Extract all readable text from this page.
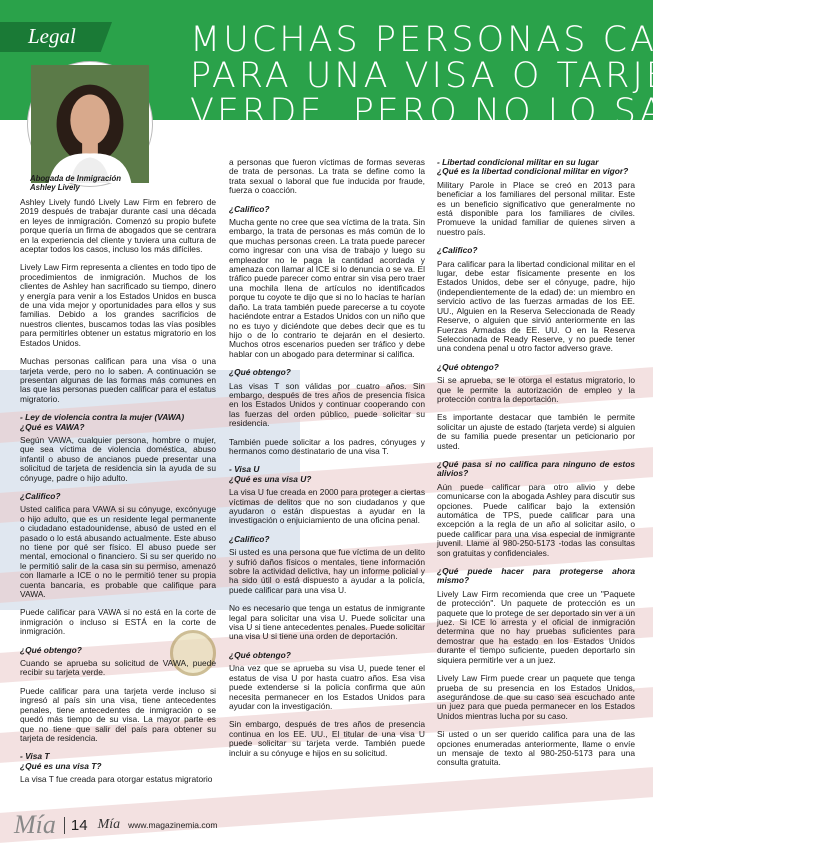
Legal	MUCHAS PERSONAS CALIFICAN
PARA UNA VISA O TARJETA
VERDE, PERO NO LO SABEN
Abogada de Inmigración
Ashley Lively

Ashley Lively fundó Lively Law Firm en febrero de 2019 después de trabajar durante casi una década en leyes de inmigración. Comenzó su propio bufete porque quería un firma de abogados que se centrara en la experiencia del cliente y tuviera una cultura de aceptar todos los casos, incluso los más difíciles.

Lively Law Firm representa a clientes en todo tipo de procedimientos de inmigración. Muchos de los clientes de Ashley han sacrificado su tiempo, dinero y energía para venir a los Estados Unidos en busca de una vida mejor y oportunidades para ellos y sus familias. Debido a los grandes sacrificios de nuestros clientes, buscamos todas las vías posibles para permitirles obtener un estatus migratorio en los Estados Unidos.

Muchas personas califican para una visa o una tarjeta verde, pero no lo saben. A continuación se presentan algunas de las formas más comunes en las que las personas pueden calificar para el estatus migratorio.

- Ley de violencia contra la mujer (VAWA)
¿Qué es VAWA?

Según VAWA, cualquier persona, hombre o mujer, que sea víctima de violencia doméstica, abuso infantil o abuso de ancianos puede presentar una solicitud de tarjeta de residencia sin la ayuda de su cónyuge, padre o hijo adulto.

¿Califico?

Usted califica para VAWA si su cónyuge, excónyuge o hijo adulto, que es un residente legal permanente o ciudadano estadounidense, abusó de usted en el pasado o lo está abusando actualmente. Este abuso no tiene por qué ser físico. El abuso puede ser mental, emocional o financiero. Si su ser querido no le permitió salir de la casa sin su permiso, amenazó con llamarle a ICE o no le permitió tener su propia cuenta bancaria, es probable que califique para VAWA.

Puede calificar para VAWA si no está en la corte de inmigración o incluso si ESTÁ en la corte de inmigración.

¿Qué obtengo?

Cuando se aprueba su solicitud de VAWA, puede recibir su tarjeta verde.

Puede calificar para una tarjeta verde incluso si ingresó al país sin una visa, tiene antecedentes penales, tiene antecedentes de inmigración o se quedó más tiempo de su visa. La mayor parte es que no tiene que salir del país para obtener su tarjeta de residencia.

- Visa T
¿Qué es una visa T?

La visa T fue creada para otorgar estatus migratorio

a personas que fueron víctimas de formas severas de trata de personas. La trata se define como la trata sexual o laboral que fue inducida por fraude, fuerza o coacción.

¿Califico?

Mucha gente no cree que sea víctima de la trata. Sin embargo, la trata de personas es más común de lo que muchas personas creen. La trata puede parecer como ingresar con una visa de trabajo y luego su empleador no le paga la cantidad acordada y amenaza con llamar al ICE si lo denuncia o se va. El tráfico puede parecer como entrar sin visa pero traer una mochila llena de artículos no identificados porque tu coyote te dijo que si no lo hacías te harían daño. La trata también puede parecerse a tu coyote haciéndote entrar a Estados Unidos con un niño que no es tuyo y diciéndote que debes decir que es tu hijo o de lo contrario te dejarán en el desierto. Muchos otros escenarios pueden ser tráfico y debe hablar con un abogado para determinar si califica.

¿Qué obtengo?

Las visas T son válidas por cuatro años. Sin embargo, después de tres años de presencia física en los Estados Unidos y continuar cooperando con las fuerzas del orden público, puede solicitar su residencia.

También puede solicitar a los padres, cónyuges y hermanos como destinatario de una visa T.

- Visa U
¿Qué es una visa U?

La visa U fue creada en 2000 para proteger a ciertas víctimas de delitos que no son ciudadanos y que ayudaron o están dispuestas a ayudar en la investigación o enjuiciamiento de una oficina penal.

¿Califico?

Si usted es una persona que fue víctima de un delito y sufrió daños físicos o mentales, tiene información sobre la actividad delictiva, hay un informe policial y ha sido útil o está dispuesto a ayudar a la policía, puede calificar para una visa U.

No es necesario que tenga un estatus de inmigrante legal para solicitar una visa U. Puede solicitar una visa U si tiene antecedentes penales. Puede solicitar una visa U si tiene una orden de deportación.

¿Qué obtengo?

Una vez que se aprueba su visa U, puede tener el estatus de visa U por hasta cuatro años. Esa visa puede extenderse si la policía confirma que aún necesita permanecer en los Estados Unidos para ayudar con la investigación.

Sin embargo, después de tres años de presencia continua en los EE. UU., El titular de una visa U puede solicitar su tarjeta verde. También puede incluir a su cónyuge e hijos en su solicitud.

- Libertad condicional militar en su lugar
¿Qué es la libertad condicional militar en vigor?

Military Parole in Place se creó en 2013 para beneficiar a los familiares del personal militar. Este es un beneficio significativo que generalmente no está disponible para los familiares de civiles. Promueve la unidad familiar de quienes sirven a nuestro país.

¿Califico?

Para calificar para la libertad condicional militar en el lugar, debe estar físicamente presente en los Estados Unidos, debe ser el cónyuge, padre, hijo (independientemente de la edad) de: un miembro en servicio activo de las fuerzas armadas de los EE. UU., Alguien en la Reserva Seleccionada de Ready Reserve, o alguien que sirvió anteriormente en las Fuerzas Armadas de EE. UU. O en la Reserva Seleccionada de Ready Reserve, y no puede tener una condena penal u otro factor adverso grave.

¿Qué obtengo?

Si se aprueba, se le otorga el estatus migratorio, lo que le permite la autorización de empleo y la protección contra la deportación.

Es importante destacar que también le permite solicitar un ajuste de estado (tarjeta verde) si alguien de su familia puede presentar un peticionario por usted.

¿Qué pasa si no califica para ninguno de estos alivios?

Aún puede calificar para otro alivio y debe comunicarse con la abogada Ashley para discutir sus opciones. Puede calificar bajo la extensión automática de TPS, puede calificar para una excepción a la regla de un año al solicitar asilo, o puede calificar para una visa especial de inmigrante juvenil. Llame al 980-250-5173 -todas las consultas son gratuitas y confidenciales.

¿Qué puede hacer para protegerse ahora mismo?

Lively Law Firm recomienda que cree un "Paquete de protección". Un paquete de protección es un paquete que lo protege de ser deportado sin ver a un juez. Si ICE lo arresta y el oficial de inmigración determina que no hay pruebas suficientes para demostrar que ha estado en los Estados Unidos durante el tiempo suficiente, pueden deportarlo sin siquiera permitirle ver a un juez.

Lively Law Firm puede crear un paquete que tenga prueba de su presencia en los Estados Unidos, asegurándose de que su caso sea escuchado ante un juez para que pueda permanecer en los Estados Unidos mientras lucha por su caso.

Si usted o un ser querido califica para una de las opciones enumeradas anteriormente, llame o envíe un mensaje de texto al 980-250-5173 para una consulta gratuita.

Mía	14 Mía www.magazinemia.com
